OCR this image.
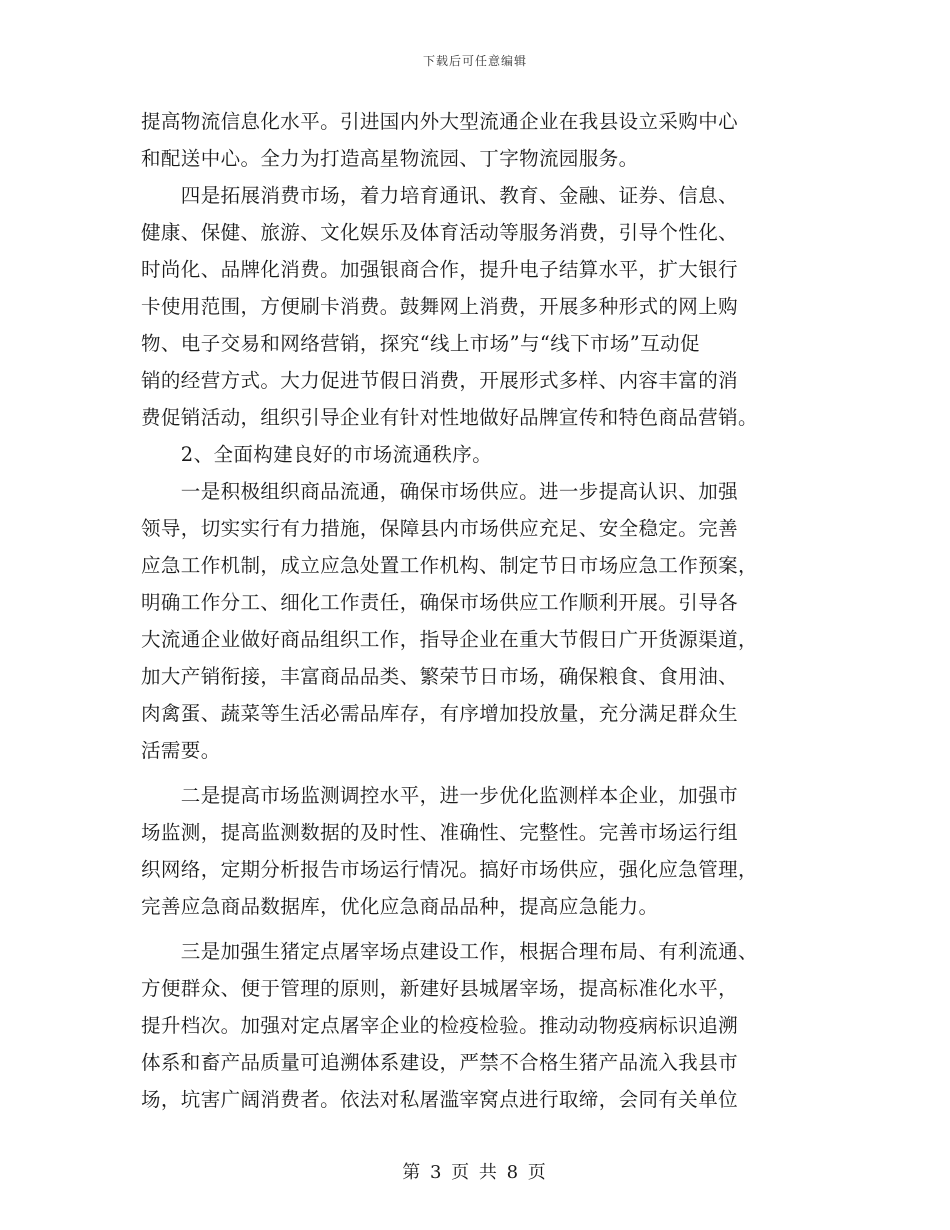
下载后可任意编辑
提高物流信息化水平。引进国内外大型流通企业在我县设立采购中心
和配送中心。全力为打造高星物流园、丁字物流园服务。
　　四是拓展消费市场，着力培育通讯、教育、金融、证券、信息、
健康、保健、旅游、文化娱乐及体育活动等服务消费，引导个性化、
时尚化、品牌化消费。加强银商合作，提升电子结算水平，扩大银行
卡使用范围，方便刷卡消费。鼓舞网上消费，开展多种形式的网上购
物、电子交易和网络营销，探究“线上市场”与“线下市场”互动促
销的经营方式。大力促进节假日消费，开展形式多样、内容丰富的消
费促销活动，组织引导企业有针对性地做好品牌宣传和特色商品营销。
　　2、全面构建良好的市场流通秩序。
　　一是积极组织商品流通，确保市场供应。进一步提高认识、加强
领导，切实实行有力措施，保障县内市场供应充足、安全稳定。完善
应急工作机制，成立应急处置工作机构、制定节日市场应急工作预案，
明确工作分工、细化工作责任，确保市场供应工作顺利开展。引导各
大流通企业做好商品组织工作，指导企业在重大节假日广开货源渠道，
加大产销衔接，丰富商品品类、繁荣节日市场，确保粮食、食用油、
肉禽蛋、蔬菜等生活必需品库存，有序增加投放量，充分满足群众生
活需要。
　　二是提高市场监测调控水平，进一步优化监测样本企业，加强市
场监测，提高监测数据的及时性、准确性、完整性。完善市场运行组
织网络，定期分析报告市场运行情况。搞好市场供应，强化应急管理，
完善应急商品数据库，优化应急商品品种，提高应急能力。
　　三是加强生猪定点屠宰场点建设工作，根据合理布局、有利流通、
方便群众、便于管理的原则，新建好县城屠宰场，提高标准化水平，
提升档次。加强对定点屠宰企业的检疫检验。推动动物疫病标识追溯
体系和畜产品质量可追溯体系建设，严禁不合格生猪产品流入我县市
场，坑害广阔消费者。依法对私屠滥宰窝点进行取缔，会同有关单位
第 3 页 共 8 页
